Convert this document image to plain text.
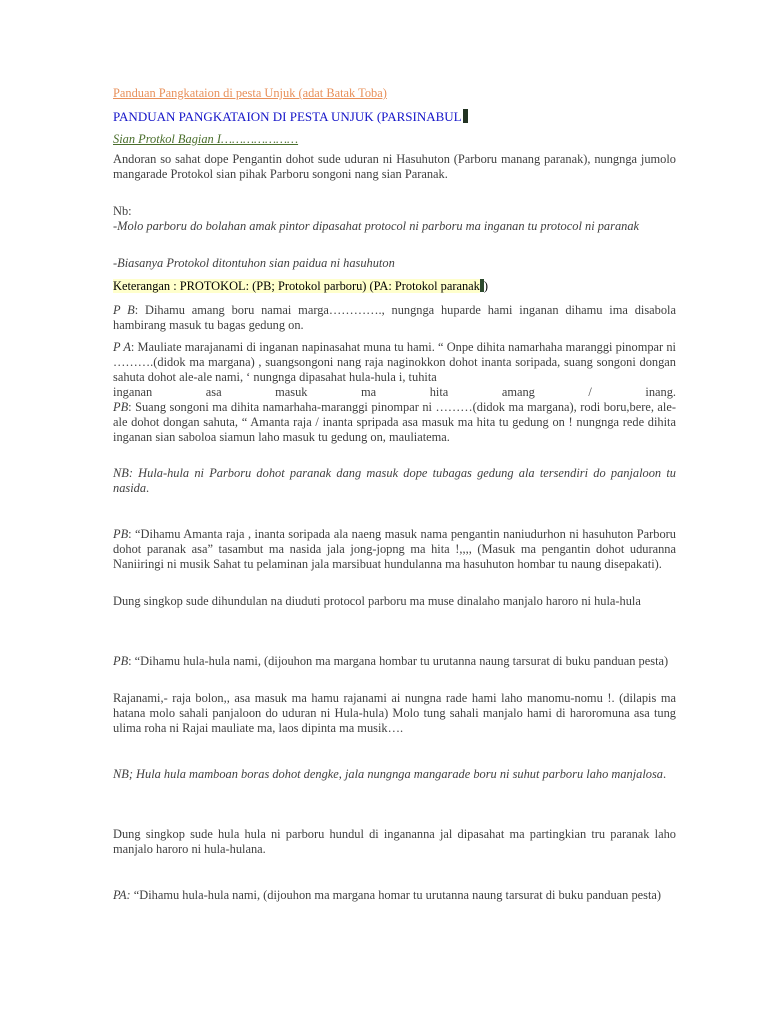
Panduan Pangkataion di pesta Unjuk (adat Batak Toba)

PANDUAN PANGKATAION DI PESTA UNJUK (PARSINABUL

Sian Protkol Bagian I…………………

Andoran so sahat dope Pengantin dohot sude uduran ni Hasuhuton (Parboru manang paranak), nungnga jumolo mangarade Protokol sian pihak Parboru songoni nang sian Paranak.

Nb:

-Molo parboru do bolahan amak pintor dipasahat protocol ni parboru ma inganan tu protocol ni paranak

-Biasanya Protokol ditontuhon sian paidua ni hasuhuton

Keterangan : PROTOKOL: (PB; Protokol parboru) (PA: Protokol paranak )

P B: Dihamu amang boru namai marga…………., nungnga huparde hami inganan dihamu ima disabola hambirang masuk tu bagas gedung on.

P A: Mauliate marajanami di inganan napinasahat muna tu hami. “ Onpe dihita namarhaha maranggi pinompar ni ……….(didok ma margana) , suangsongoni nang raja naginokkon dohot inanta soripada, suang songoni dongan sahuta dohot ale-ale nami, ‘ nungnga dipasahat hula-hula i, tuhita

inganan asa masuk ma hita amang / inang.

PB: Suang songoni ma dihita namarhaha-maranggi pinompar ni ………(didok ma margana), rodi boru,bere, ale-ale dohot dongan sahuta, “ Amanta raja / inanta spripada asa masuk ma hita tu gedung on ! nungnga rede dihita inganan sian saboloa siamun laho masuk tu gedung on, mauliatema.

NB: Hula-hula ni Parboru dohot paranak dang masuk dope tubagas gedung ala tersendiri do panjaloon tu nasida.

PB: “Dihamu Amanta raja , inanta soripada ala naeng masuk nama pengantin naniudurhon ni hasuhuton Parboru dohot paranak asa” tasambut ma nasida jala jong-jopng ma hita !,,,, (Masuk ma pengantin dohot uduranna Naniiringi ni musik Sahat tu pelaminan jala marsibuat hundulanna ma hasuhuton hombar tu naung disepakati).

Dung singkop sude dihundulan na diuduti protocol parboru ma muse dinalaho manjalo haroro ni hula-hula

PB: “Dihamu hula-hula nami, (dijouhon ma margana hombar tu urutanna naung tarsurat di buku panduan pesta)

Rajanami,- raja bolon,, asa masuk ma hamu rajanami ai nungna rade hami laho manomu-nomu !. (dilapis ma hatana molo sahali panjaloon do uduran ni Hula-hula) Molo tung sahali manjalo hami di haroromuna asa tung ulima roha ni Rajai mauliate ma, laos dipinta ma musik….

NB; Hula hula mamboan boras dohot dengke, jala nungnga mangarade boru ni suhut parboru laho manjalosa.

Dung singkop sude hula hula ni parboru hundul di ingananna jal dipasahat ma partingkian tru paranak laho manjalo haroro ni hula-hulana.

PA: “Dihamu hula-hula nami, (dijouhon ma margana homar tu urutanna naung tarsurat di buku panduan pesta)
